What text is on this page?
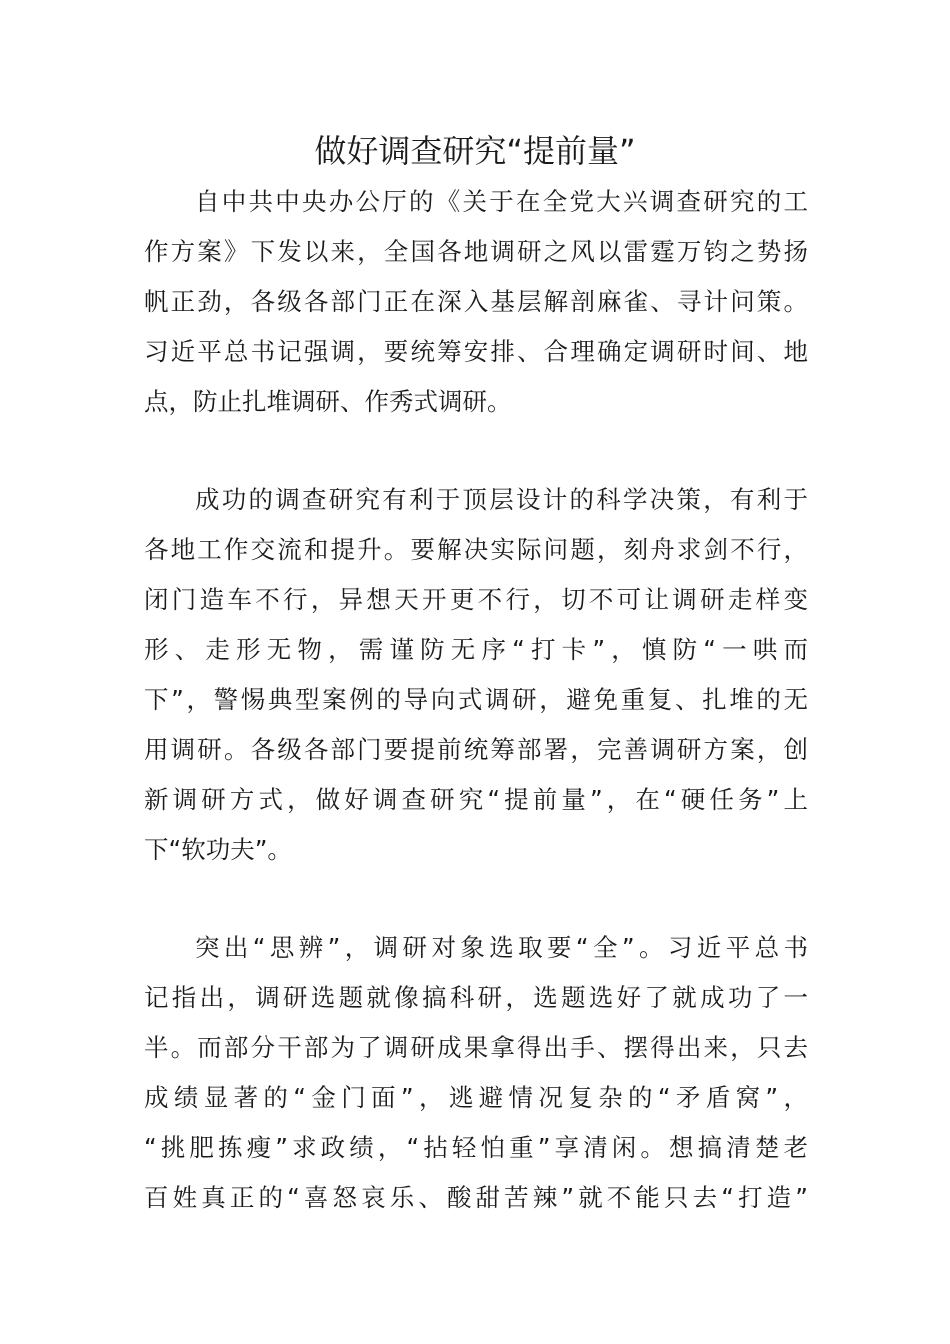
做好调查研究“提前量”
自中共中央办公厅的《关于在全党大兴调查研究的工
作方案》下发以来，全国各地调研之风以雷霆万钧之势扬
帆正劲，各级各部门正在深入基层解剖麻雀、寻计问策。
习近平总书记强调，要统筹安排、合理确定调研时间、地
点，防止扎堆调研、作秀式调研。
成功的调查研究有利于顶层设计的科学决策，有利于
各地工作交流和提升。要解决实际问题，刻舟求剑不行，
闭门造车不行，异想天开更不行，切不可让调研走样变
形、走形无物，需谨防无序“打卡”，慎防“一哄而
下”，警惕典型案例的导向式调研，避免重复、扎堆的无
用调研。各级各部门要提前统筹部署，完善调研方案，创
新调研方式，做好调查研究“提前量”，在“硬任务”上
下“软功夫”。
突出“思辨”，调研对象选取要“全”。习近平总书
记指出，调研选题就像搞科研，选题选好了就成功了一
半。而部分干部为了调研成果拿得出手、摆得出来，只去
成绩显著的“金门面”，逃避情况复杂的“矛盾窝”，
“挑肥拣瘦”求政绩，“拈轻怕重”享清闲。想搞清楚老
百姓真正的“喜怒哀乐、酸甜苦辣”就不能只去“打造”
